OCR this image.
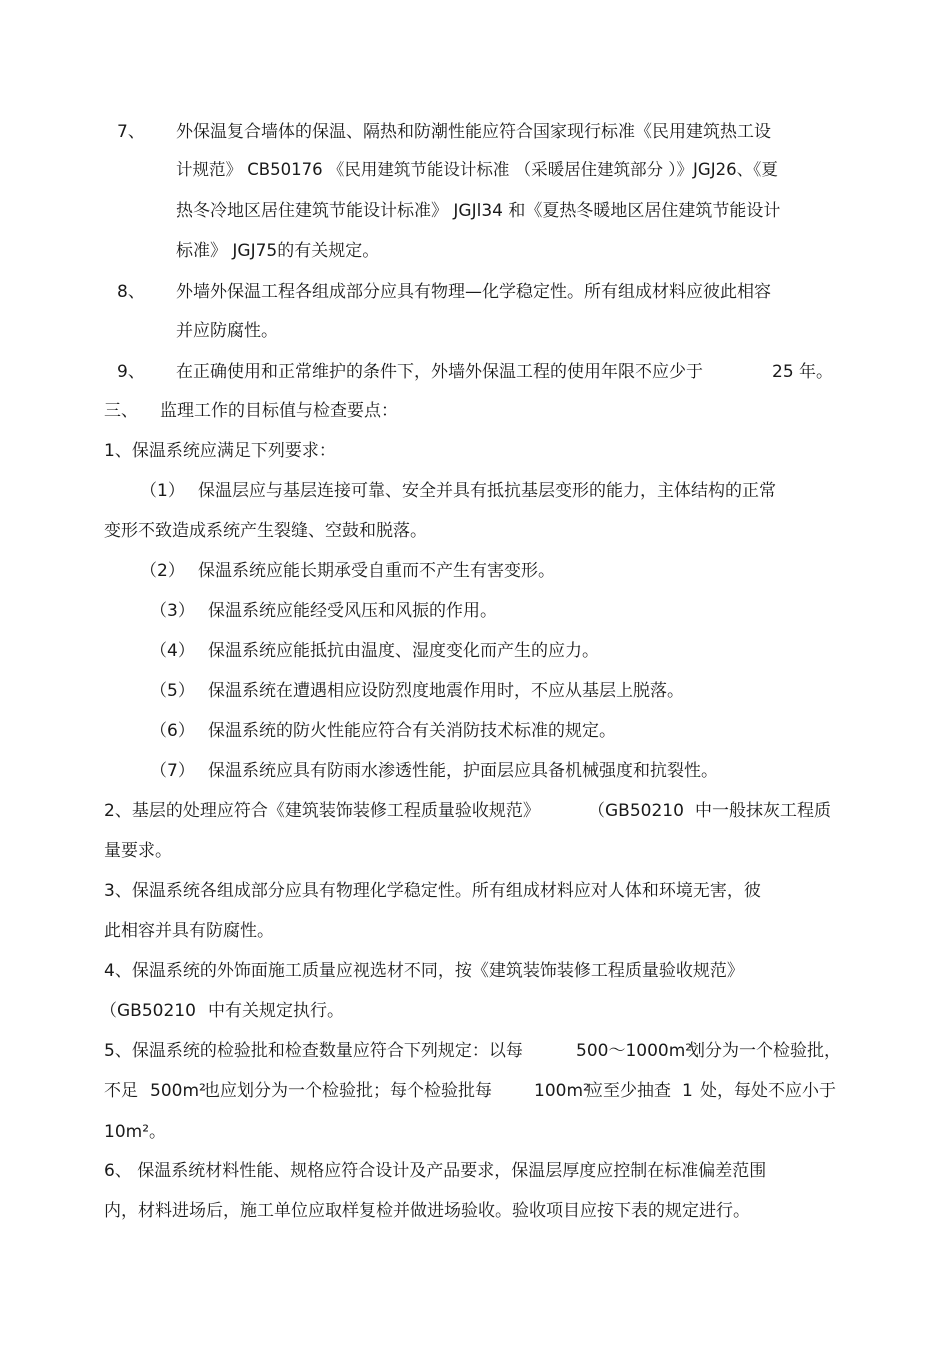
7、 外保温复合墙体的保温、隔热和防潮性能应符合国家现行标准《民用建筑热工设
计规范》 CB50176 《民用建筑节能设计标准 （采暖居住建筑部分 ）》JGJ26、《夏
热冬冷地区居住建筑节能设计标准》 JGJl34 和《夏热冬暖地区居住建筑节能设计
标准》 JGJ75的有关规定。
8、 外墙外保温工程各组成部分应具有物理—化学稳定性。所有组成材料应彼此相容
并应防腐性。
9、 在正确使用和正常维护的条件下，外墙外保温工程的使用年限不应少于	25 年。
三、 监理工作的目标值与检查要点：
1、保温系统应满足下列要求：
（1） 保温层应与基层连接可靠、安全并具有抵抗基层变形的能力，主体结构的正常
变形不致造成系统产生裂缝、空鼓和脱落。
（2） 保温系统应能长期承受自重而不产生有害变形。
（3） 保温系统应能经受风压和风振的作用。
（4） 保温系统应能抵抗由温度、湿度变化而产生的应力。
（5） 保温系统在遭遇相应设防烈度地震作用时，不应从基层上脱落。
（6） 保温系统的防火性能应符合有关消防技术标准的规定。
（7） 保温系统应具有防雨水渗透性能，护面层应具备机械强度和抗裂性。
2、基层的处理应符合《建筑装饰装修工程质量验收规范》	（GB50210 中一般抹灰工程质
量要求。
3、保温系统各组成部分应具有物理化学稳定性。所有组成材料应对人体和环境无害，彼
此相容并具有防腐性。
4、保温系统的外饰面施工质量应视选材不同，按《建筑装饰装修工程质量验收规范》
（GB50210 中有关规定执行。
5、保温系统的检验批和检查数量应符合下列规定：以每	500～1000m²
划分为一个检验批，
不足 500m²
也应划分为一个检验批；每个检验批每 100m²
应至少抽查 1 处，每处不应小于
10m²。
6、 保温系统材料性能、规格应符合设计及产品要求，保温层厚度应控制在标准偏差范围
内，材料进场后，施工单位应取样复检并做进场验收。验收项目应按下表的规定进行。
